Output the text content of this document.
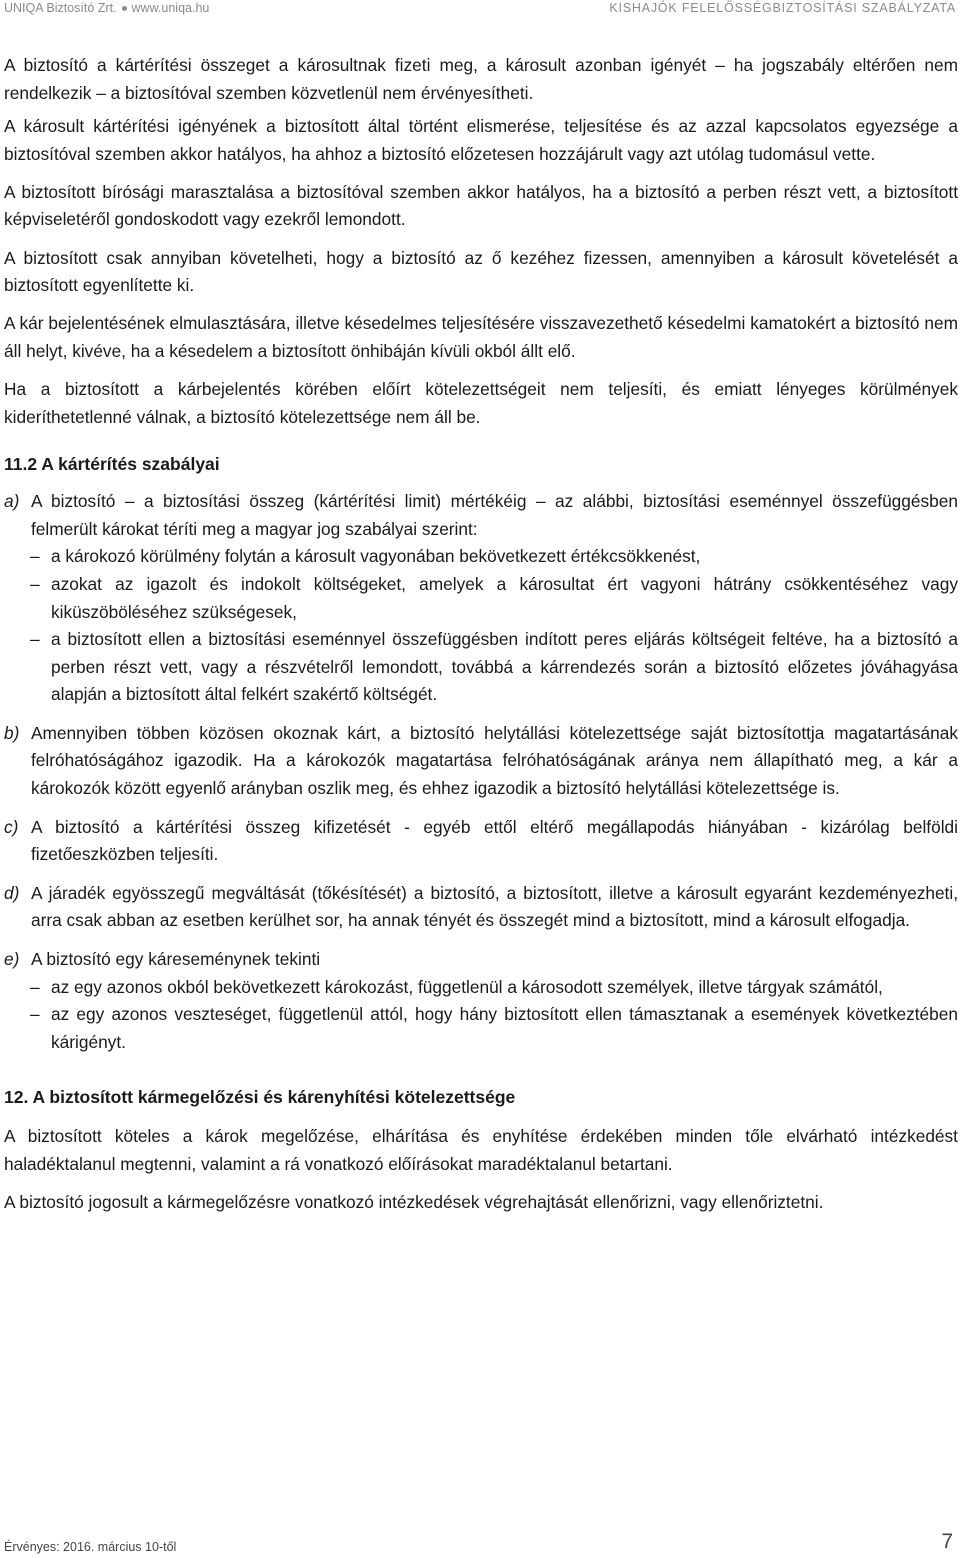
UNIQA Biztosító Zrt. www.uniqa.hu	KISHAJÓK FELELŐSSÉGBIZTOSÍTÁSI SZABÁLYZATA

A biztosító a kártérítési összeget a károsultnak fizeti meg, a károsult azonban igényét – ha jogszabály eltérően nem rendelkezik – a biztosítóval szemben közvetlenül nem érvényesítheti.

A károsult kártérítési igényének a biztosított által történt elismerése, teljesítése és az azzal kapcsolatos egyezsége a biztosítóval szemben akkor hatályos, ha ahhoz a biztosító előzetesen hozzájárult vagy azt utólag tudomásul vette.

A biztosított bírósági marasztalása a biztosítóval szemben akkor hatályos, ha a biztosító a perben részt vett, a biztosított képviseletéről gondoskodott vagy ezekről lemondott.

A biztosított csak annyiban követelheti, hogy a biztosító az ő kezéhez fizessen, amennyiben a károsult követelését a biztosított egyenlítette ki.

A kár bejelentésének elmulasztására, illetve késedelmes teljesítésére visszavezethető késedelmi kamatokért a biztosító nem áll helyt, kivéve, ha a késedelem a biztosított önhibáján kívüli okból állt elő.

Ha a biztosított a kárbejelentés körében előírt kötelezettségeit nem teljesíti, és emiatt lényeges körülmények kideríthetetlenné válnak, a biztosító kötelezettsége nem áll be.

11.2 A kártérítés szabályai
a) A biztosító – a biztosítási összeg (kártérítési limit) mértékéig – az alábbi, biztosítási eseménnyel összefüggésben felmerült károkat téríti meg a magyar jog szabályai szerint:
– a károkozó körülmény folytán a károsult vagyonában bekövetkezett értékcsökkenést,
– azokat az igazolt és indokolt költségeket, amelyek a károsultat ért vagyoni hátrány csökkentéséhez vagy kiküszöböléséhez szükségesek,
– a biztosított ellen a biztosítási eseménnyel összefüggésben indított peres eljárás költségeit feltéve, ha a biztosító a perben részt vett, vagy a részvételről lemondott, továbbá a kárrendezés során a biztosító előzetes jóváhagyása alapján a biztosított által felkért szakértő költségét.
b) Amennyiben többen közösen okoznak kárt, a biztosító helytállási kötelezettsége saját biztosítottja magatartásának felróhatóságához igazodik. Ha a károkozók magatartása felróhatóságának aránya nem állapítható meg, a kár a károkozók között egyenlő arányban oszlik meg, és ehhez igazodik a biztosító helytállási kötelezettsége is.
c) A biztosító a kártérítési összeg kifizetését - egyéb ettől eltérő megállapodás hiányában - kizárólag belföldi fizetőeszközben teljesíti.
d) A járadék egyösszegű megváltását (tőkésítését) a biztosító, a biztosított, illetve a károsult egyaránt kezdeményezheti, arra csak abban az esetben kerülhet sor, ha annak tényét és összegét mind a biztosított, mind a károsult elfogadja.
e) A biztosító egy káreseménynek tekinti
– az egy azonos okból bekövetkezett károkozást, függetlenül a károsodott személyek, illetve tárgyak számától,
– az egy azonos veszteséget, függetlenül attól, hogy hány biztosított ellen támasztanak a események következtében kárigényt.
12. A biztosított kármegelőzési és kárenyhítési kötelezettsége

A biztosított köteles a károk megelőzése, elhárítása és enyhítése érdekében minden tőle elvárható intézkedést haladéktalanul megtenni, valamint a rá vonatkozó előírásokat maradéktalanul betartani.

A biztosító jogosult a kármegelőzésre vonatkozó intézkedések végrehajtását ellenőrizni, vagy ellenőriztetni.

Érvényes: 2016. március 10-től	7
